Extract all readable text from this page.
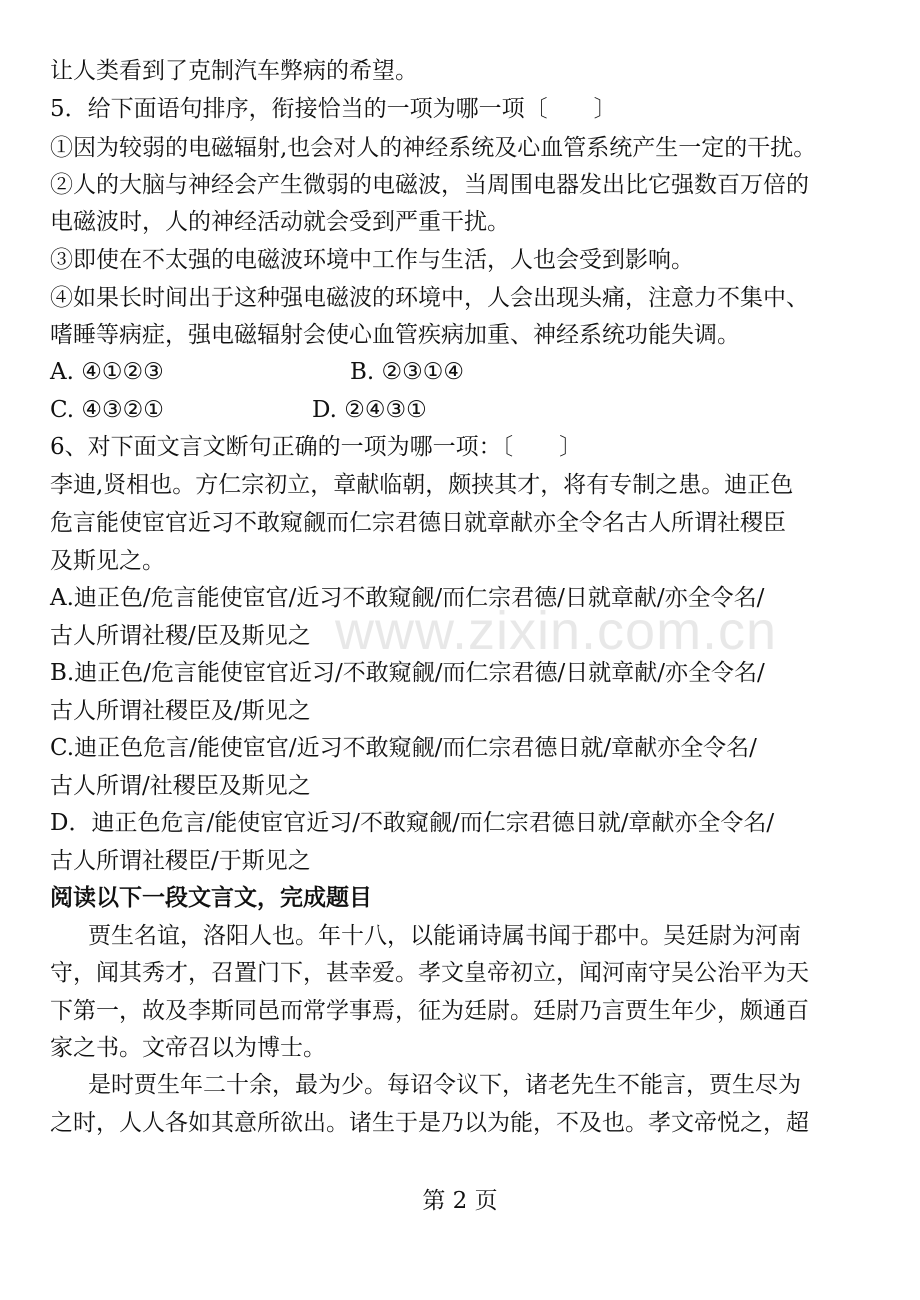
让人类看到了克制汽车弊病的希望。
5．给下面语句排序，衔接恰当的一项为哪一项〔　　〕
①因为较弱的电磁辐射,也会对人的神经系统及心血管系统产生一定的干扰。
②人的大脑与神经会产生微弱的电磁波，当周围电器发出比它强数百万倍的
电磁波时，人的神经活动就会受到严重干扰。
③即使在不太强的电磁波环境中工作与生活，人也会受到影响。
④如果长时间出于这种强电磁波的环境中，人会出现头痛，注意力不集中、
嗜睡等病症，强电磁辐射会使心血管疾病加重、神经系统功能失调。
A. ④①②③	B. ②③①④
C. ④③②①	D. ②④③①
6、对下面文言文断句正确的一项为哪一项：〔　　〕
李迪,贤相也。方仁宗初立，章献临朝，颇挟其才，将有专制之患。迪正色
危言能使宦官近习不敢窥觎而仁宗君德日就章献亦全令名古人所谓社稷臣
及斯见之。
A.迪正色/危言能使宦官/近习不敢窥觎/而仁宗君德/日就章献/亦全令名/
古人所谓社稷/臣及斯见之
B.迪正色/危言能使宦官近习/不敢窥觎/而仁宗君德/日就章献/亦全令名/
古人所谓社稷臣及/斯见之
C.迪正色危言/能使宦官/近习不敢窥觎/而仁宗君德日就/章献亦全令名/
古人所谓/社稷臣及斯见之
D．迪正色危言/能使宦官近习/不敢窥觎/而仁宗君德日就/章献亦全令名/
古人所谓社稷臣/于斯见之
阅读以下一段文言文，完成题目
贾生名谊，洛阳人也。年十八，以能诵诗属书闻于郡中。吴廷尉为河南
守，闻其秀才，召置门下，甚幸爱。孝文皇帝初立，闻河南守吴公治平为天
下第一，故及李斯同邑而常学事焉，征为廷尉。廷尉乃言贾生年少，颇通百
家之书。文帝召以为博士。
是时贾生年二十余，最为少。每诏令议下，诸老先生不能言，贾生尽为
之时，人人各如其意所欲出。诸生于是乃以为能，不及也。孝文帝悦之，超
www.zixin.com.cn
第 2 页
